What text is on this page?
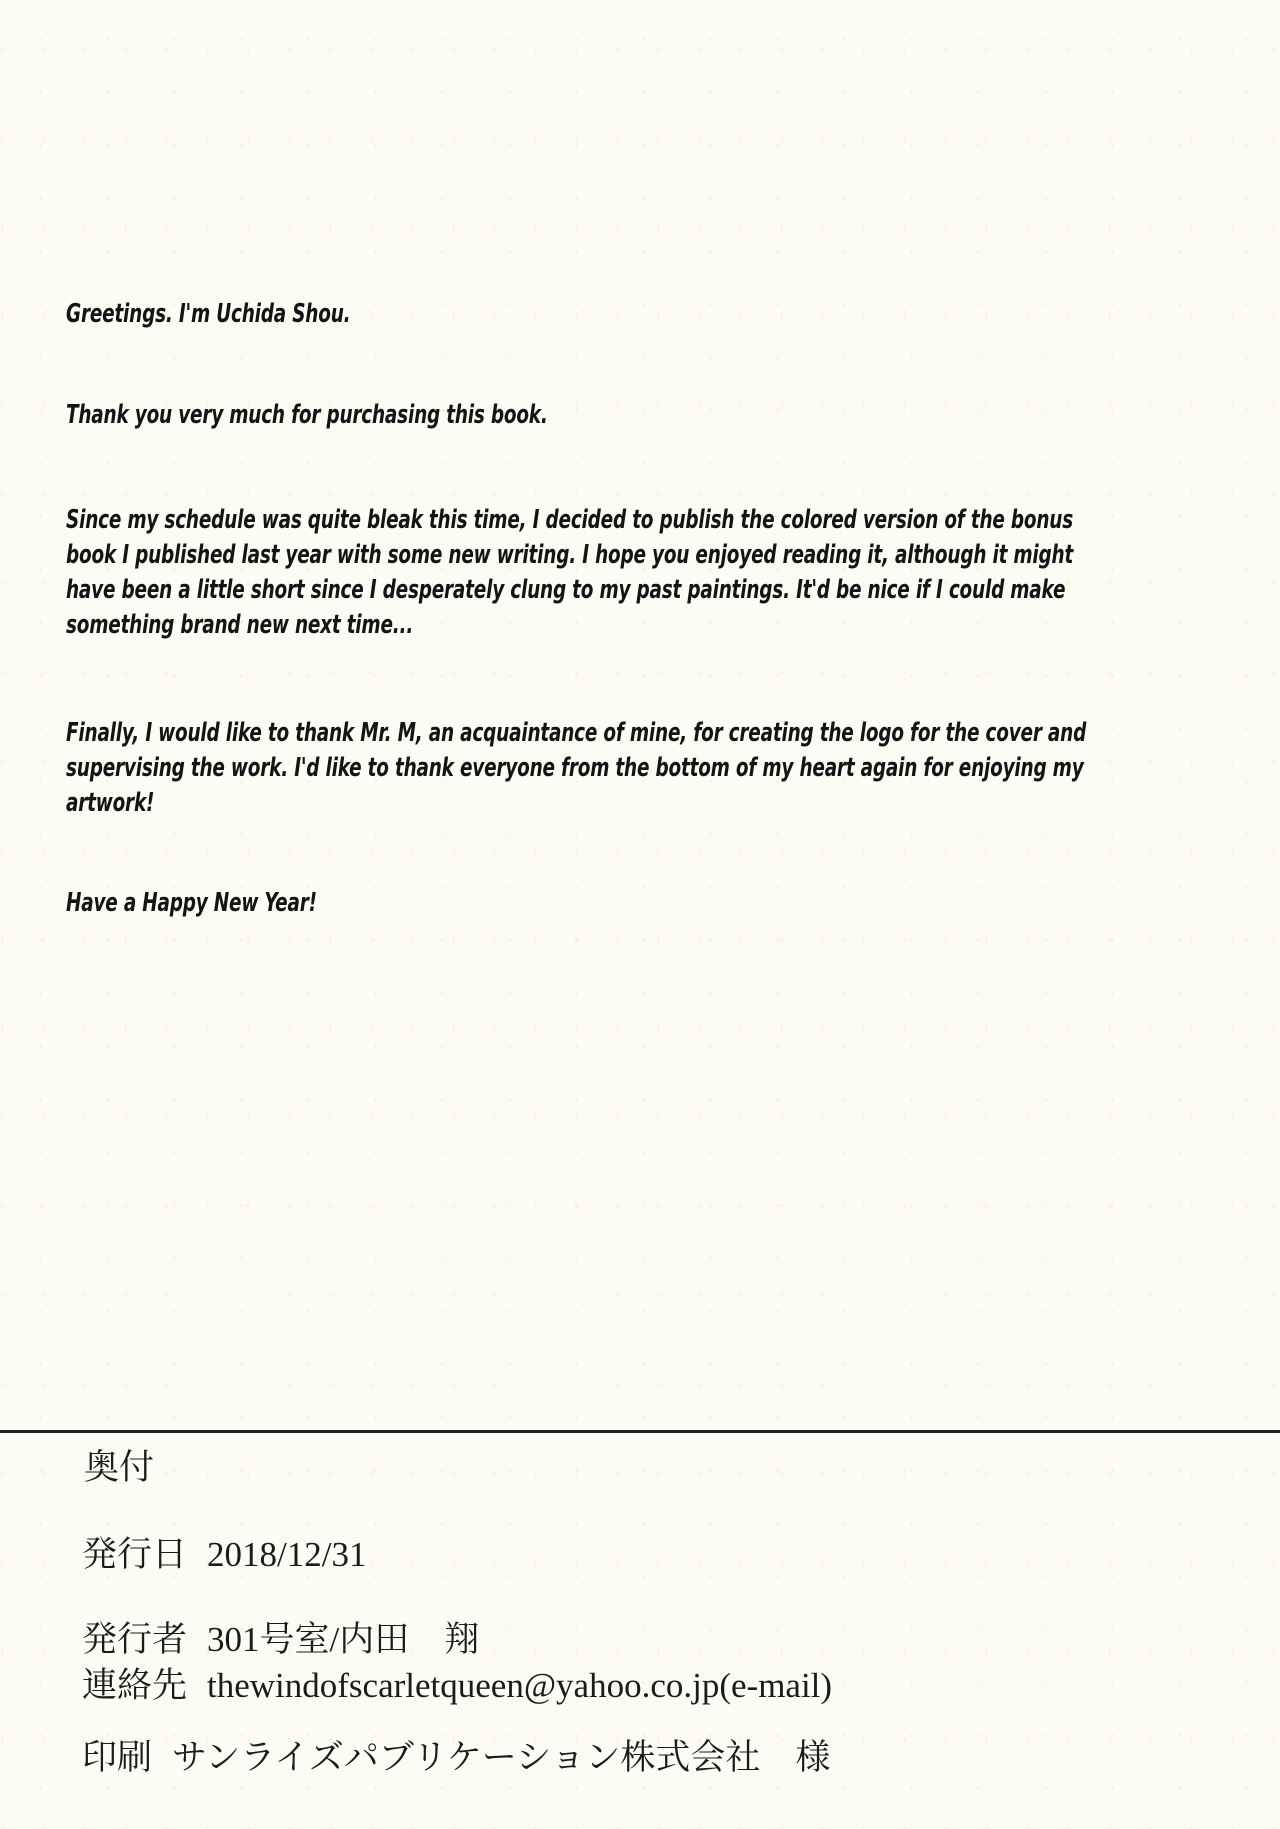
Greetings. I'm Uchida Shou.

Thank you very much for purchasing this book.

Since my schedule was quite bleak this time, I decided to publish the colored version of the bonus
book I published last year with some new writing. I hope you enjoyed reading it, although it might
have been a little short since I desperately clung to my past paintings. It'd be nice if I could make
something brand new next time...

Finally, I would like to thank Mr. M, an acquaintance of mine, for creating the logo for the cover and
supervising the work. I'd like to thank everyone from the bottom of my heart again for enjoying my
artwork!

Have a Happy New Year!

奥付
発行日 2018/12/31
発行者 301号室/内田　翔
連絡先 thewindofscarletqueen@yahoo.co.jp(e-mail)
印刷 サンライズパブリケーション株式会社　様
